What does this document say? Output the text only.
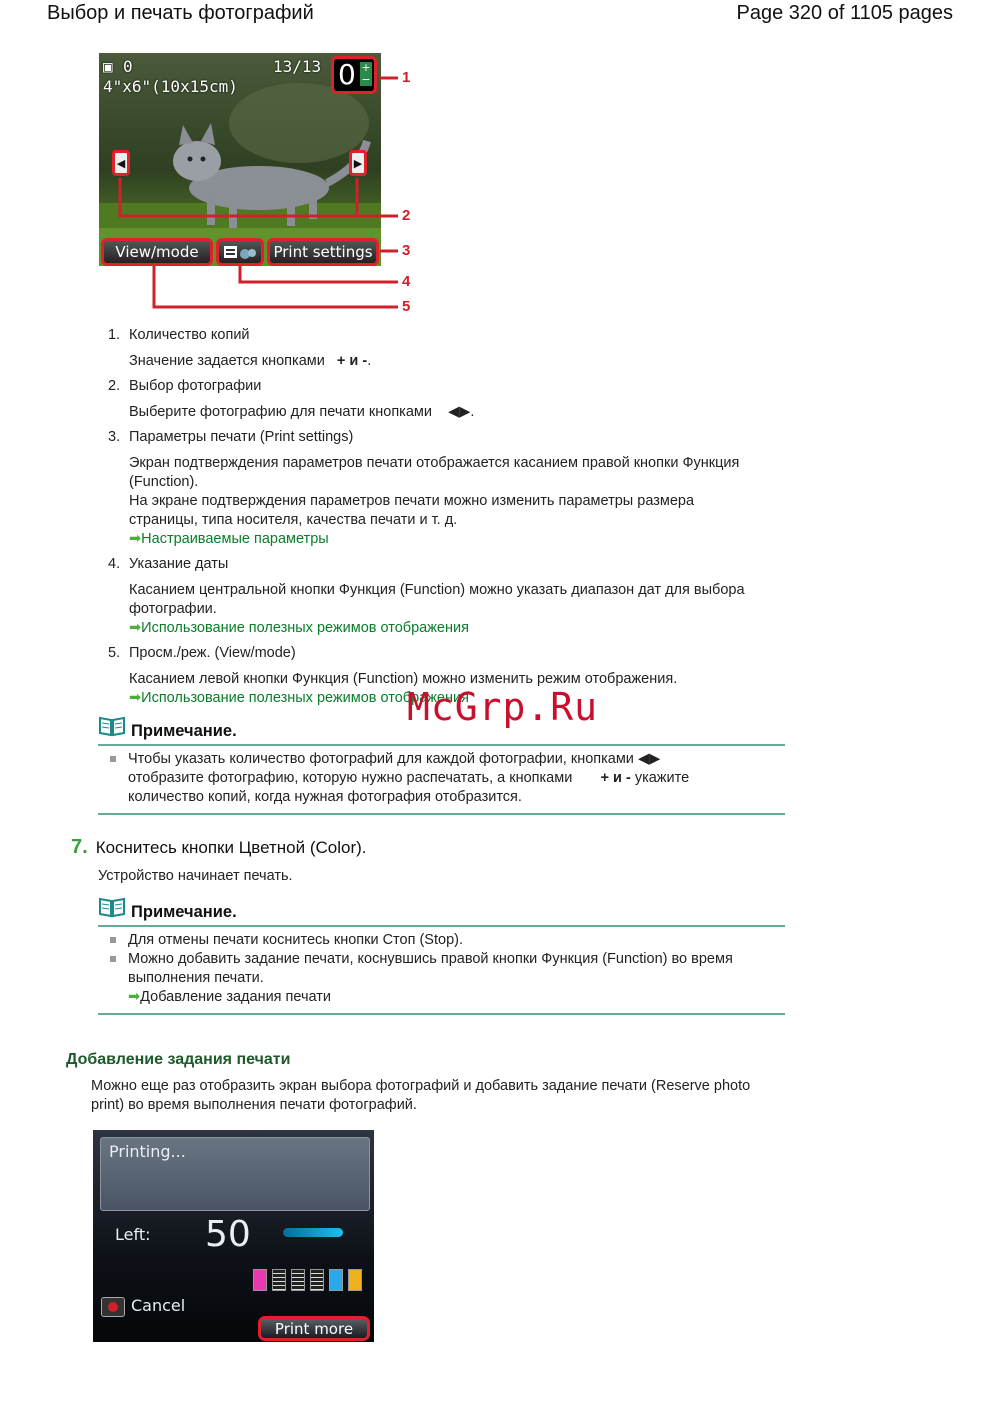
Выбор и печать фотографий	Page 320 of 1105 pages
▣ 0	13/13
4"x6"(10x15cm)	0 +
−
◀	▶
View/mode	Print settings
1
2
3
4
5
1. Количество копий
Значение задается кнопками + и -.
2. Выбор фотографии
Выберите фотографию для печати кнопками ◀▶.
3. Параметры печати (Print settings)
Экран подтверждения параметров печати отображается касанием правой кнопки Функция (Function).
На экране подтверждения параметров печати можно изменить параметры размера страницы, типа носителя, качества печати и т. д.
➡Настраиваемые параметры
4. Указание даты
Касанием центральной кнопки Функция (Function) можно указать диапазон дат для выбора фотографии.
➡Использование полезных режимов отображения
5. Просм./реж. (View/mode)
Касанием левой кнопки Функция (Function) можно изменить режим отображения.
➡Использование полезных режимов отображения
Примечание.
Чтобы указать количество фотографий для каждой фотографии, кнопками ◀▶
отобразите фотографию, которую нужно распечатать, а кнопками + и - укажите
количество копий, когда нужная фотография отобразится.
McGrp.Ru
7. Коснитесь кнопки Цветной (Color).
Устройство начинает печать.
Примечание.
Для отмены печати коснитесь кнопки Стоп (Stop).
Можно добавить задание печати, коснувшись правой кнопки Функция (Function) во время выполнения печати.
➡Добавление задания печати
Добавление задания печати
Можно еще раз отобразить экран выбора фотографий и добавить задание печати (Reserve photo print) во время выполнения печати фотографий.
Printing...
Left: 50
Cancel
Print more
